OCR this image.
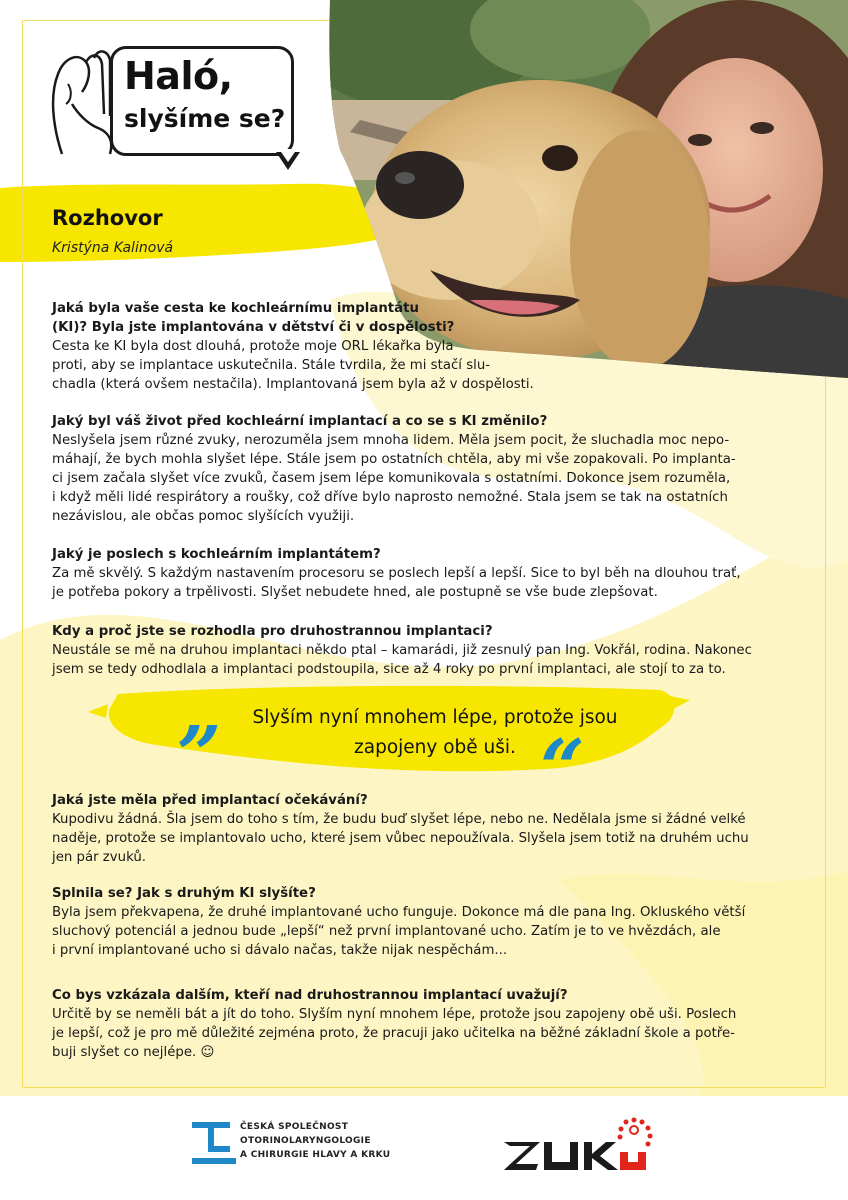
Haló,
slyšíme se?
Rozhovor
Kristýna Kalinová

Jaká byla vaše cesta ke kochleárnímu implantátu

(KI)? Byla jste implantována v dětství či v dospělosti?

Cesta ke KI byla dost dlouhá, protože moje ORL lékařka byla

proti, aby se implantace uskutečnila. Stále tvrdila, že mi stačí slu-

chadla (která ovšem nestačila). Implantovaná jsem byla až v dospělosti.

Jaký byl váš život před kochleární implantací a co se s KI změnilo?

Neslyšela jsem různé zvuky, nerozuměla jsem mnoha lidem. Měla jsem pocit, že sluchadla moc nepo-

máhají, že bych mohla slyšet lépe. Stále jsem po ostatních chtěla, aby mi vše zopakovali. Po implanta-

ci jsem začala slyšet více zvuků, časem jsem lépe komunikovala s ostatními. Dokonce jsem rozuměla,

i když měli lidé respirátory a roušky, což dříve bylo naprosto nemožné. Stala jsem se tak na ostatních

nezávislou, ale občas pomoc slyšících využiji.

Jaký je poslech s kochleárním implantátem?

Za mě skvělý. S každým nastavením procesoru se poslech lepší a lepší. Sice to byl běh na dlouhou trať,

je potřeba pokory a trpělivosti. Slyšet nebudete hned, ale postupně se vše bude zlepšovat.

Kdy a proč jste se rozhodla pro druhostrannou implantaci?

Neustále se mě na druhou implantaci někdo ptal – kamarádi, již zesnulý pan Ing. Vokřál, rodina. Nakonec

jsem se tedy odhodlala a implantaci podstoupila, sice až 4 roky po první implantaci, ale stojí to za to.

„	Slyším nyní mnohem lépe, protože jsou
zapojeny obě uši. “

Jaká jste měla před implantací očekávání?

Kupodivu žádná. Šla jsem do toho s tím, že budu buď slyšet lépe, nebo ne. Nedělala jsme si žádné velké

naděje, protože se implantovalo ucho, které jsem vůbec nepoužívala. Slyšela jsem totiž na druhém uchu

jen pár zvuků.

Splnila se? Jak s druhým KI slyšíte?

Byla jsem překvapena, že druhé implantované ucho funguje. Dokonce má dle pana Ing. Okluského větší

sluchový potenciál a jednou bude „lepší“ než první implantované ucho. Zatím je to ve hvězdách, ale

i první implantované ucho si dávalo načas, takže nijak nespěchám...

Co bys vzkázala dalším, kteří nad druhostrannou implantací uvažují?

Určitě by se neměli bát a jít do toho. Slyším nyní mnohem lépe, protože jsou zapojeny obě uši. Poslech

je lepší, což je pro mě důležité zejména proto, že pracuji jako učitelka na běžné základní škole a potře-

buji slyšet co nejlépe. ☺

ČESKÁ SPOLEČNOST
OTORINOLARYNGOLOGIE
A CHIRURGIE HLAVY A KRKU
